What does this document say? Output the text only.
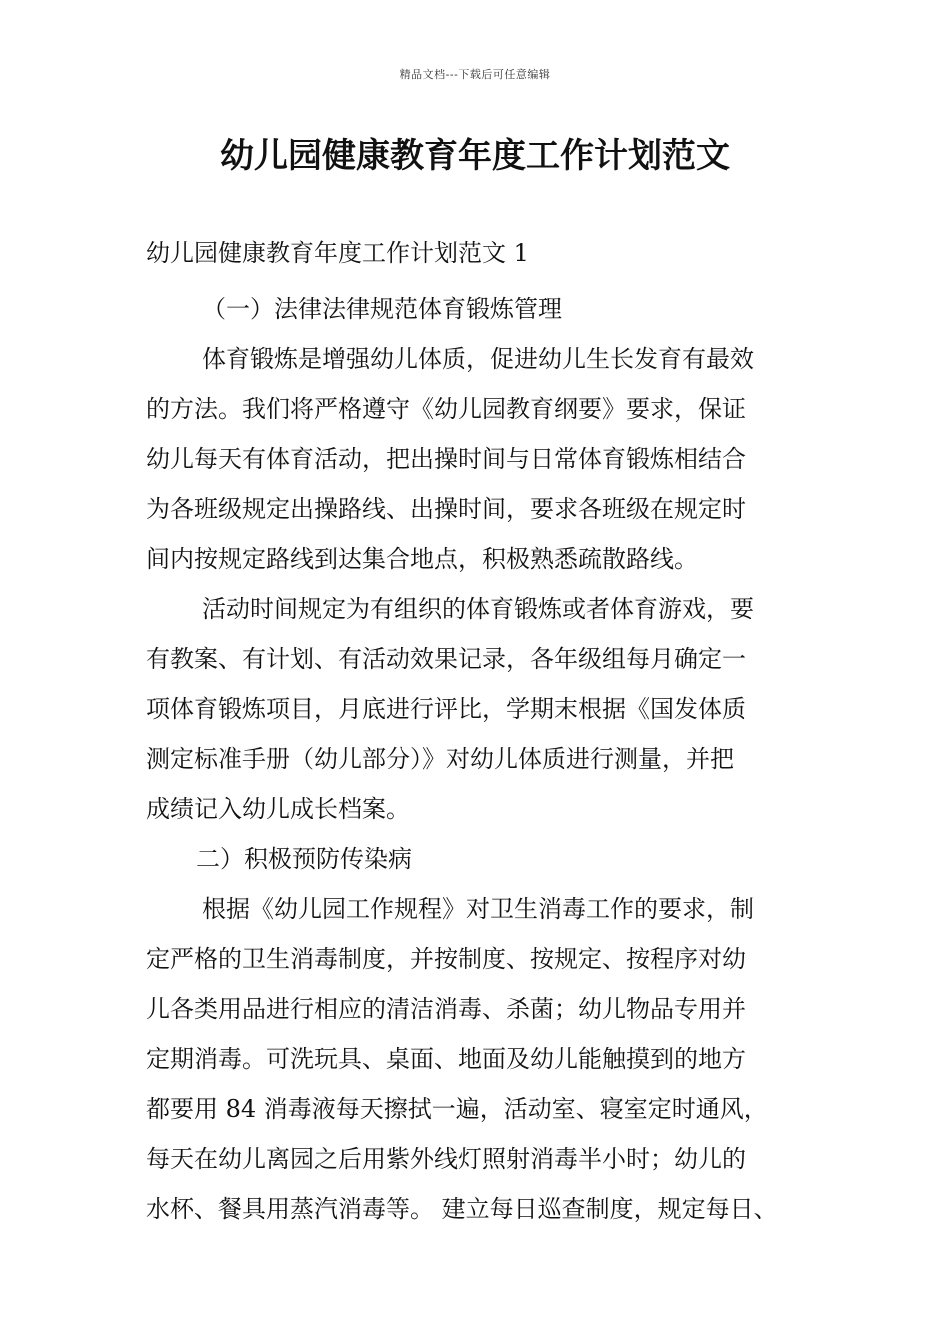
精品文档---下载后可任意编辑
幼儿园健康教育年度工作计划范文

幼儿园健康教育年度工作计划范文 1

（一）法律法律规范体育锻炼管理

体育锻炼是增强幼儿体质，促进幼儿生长发育有最效

的方法。我们将严格遵守《幼儿园教育纲要》要求，保证

幼儿每天有体育活动，把出操时间与日常体育锻炼相结合

为各班级规定出操路线、出操时间，要求各班级在规定时

间内按规定路线到达集合地点，积极熟悉疏散路线。

活动时间规定为有组织的体育锻炼或者体育游戏，要

有教案、有计划、有活动效果记录，各年级组每月确定一

项体育锻炼项目，月底进行评比，学期末根据《国发体质

测定标准手册（幼儿部分）》对幼儿体质进行测量，并把

成绩记入幼儿成长档案。

二）积极预防传染病

根据《幼儿园工作规程》对卫生消毒工作的要求，制

定严格的卫生消毒制度，并按制度、按规定、按程序对幼

儿各类用品进行相应的清洁消毒、杀菌；幼儿物品专用并

定期消毒。可洗玩具、桌面、地面及幼儿能触摸到的地方

都要用 84 消毒液每天擦拭一遍，活动室、寝室定时通风，

每天在幼儿离园之后用紫外线灯照射消毒半小时；幼儿的

水杯、餐具用蒸汽消毒等。 建立每日巡查制度，规定每日、
